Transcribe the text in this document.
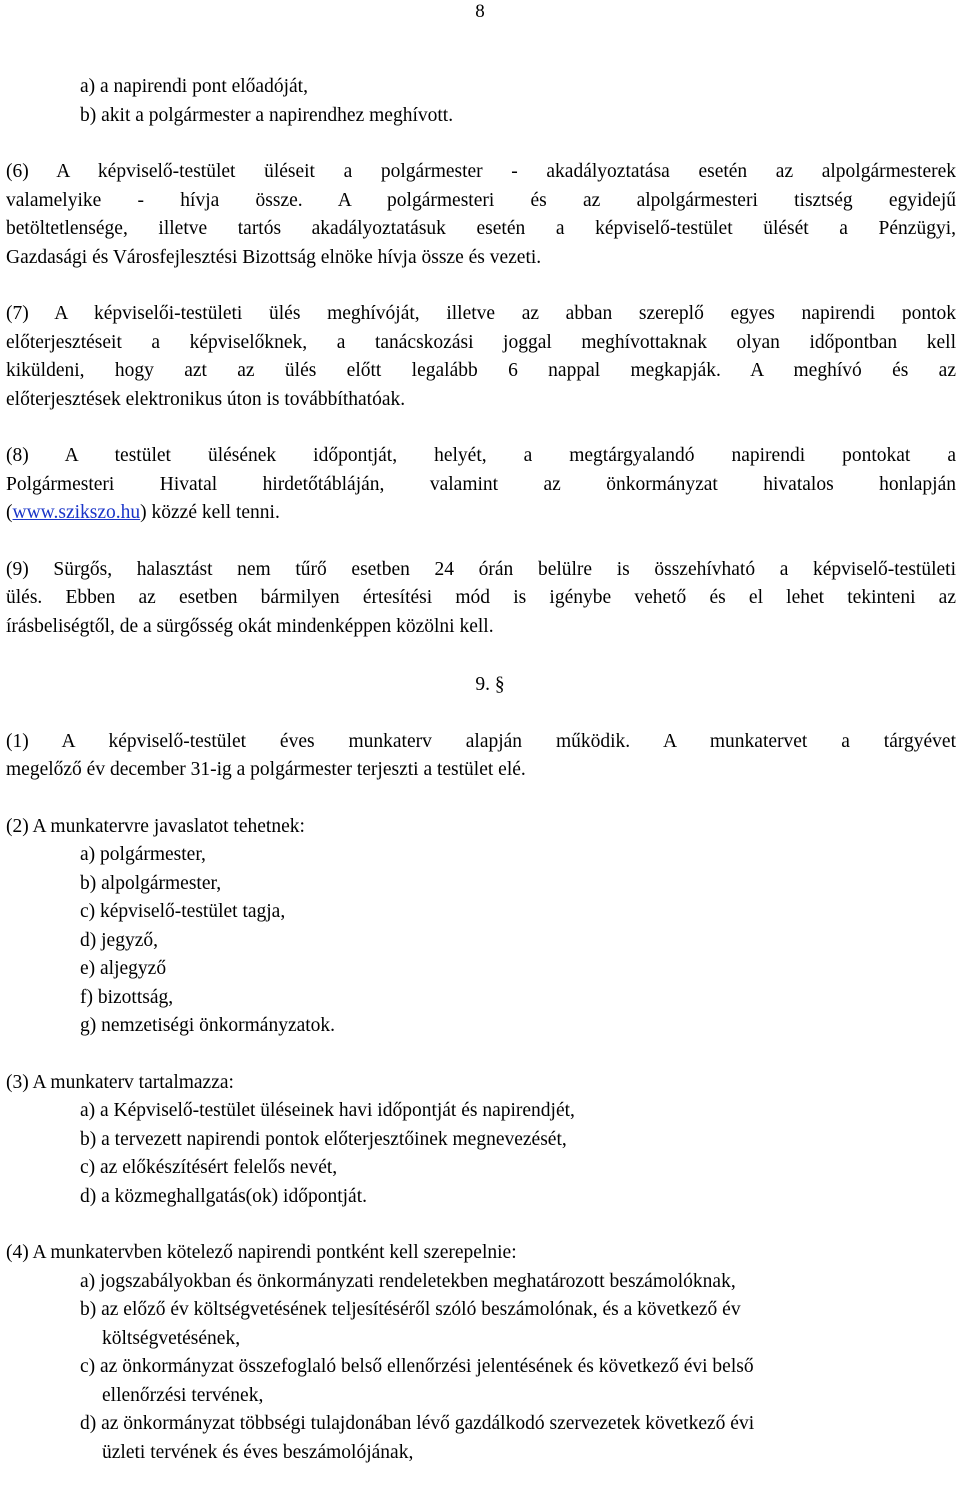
8

a) a napirendi pont előadóját,

b) akit a polgármester a napirendhez meghívott.

(6) A képviselő-testület üléseit a polgármester - akadályoztatása esetén az alpolgármesterek

valamelyike - hívja össze. A polgármesteri és az alpolgármesteri tisztség egyidejű

betöltetlensége, illetve tartós akadályoztatásuk esetén a képviselő-testület ülését a Pénzügyi,

Gazdasági és Városfejlesztési Bizottság elnöke hívja össze és vezeti.

(7) A képviselői-testületi ülés meghívóját, illetve az abban szereplő egyes napirendi pontok

előterjesztéseit a képviselőknek, a tanácskozási joggal meghívottaknak olyan időpontban kell

kiküldeni, hogy azt az ülés előtt legalább 6 nappal megkapják. A meghívó és az

előterjesztések elektronikus úton is továbbíthatóak.

(8) A testület ülésének időpontját, helyét, a megtárgyalandó napirendi pontokat a

Polgármesteri Hivatal hirdetőtábláján, valamint az önkormányzat hivatalos honlapján

(www.szikszo.hu) közzé kell tenni.

(9) Sürgős, halasztást nem tűrő esetben 24 órán belülre is összehívható a képviselő-testületi

ülés. Ebben az esetben bármilyen értesítési mód is igénybe vehető és el lehet tekinteni az

írásbeliségtől, de a sürgősség okát mindenképpen közölni kell.

9. §

(1) A képviselő-testület éves munkaterv alapján működik. A munkatervet a tárgyévet

megelőző év december 31-ig a polgármester terjeszti a testület elé.

(2) A munkatervre javaslatot tehetnek:

a) polgármester,

b) alpolgármester,

c) képviselő-testület tagja,

d) jegyző,

e) aljegyző

f) bizottság,

g) nemzetiségi önkormányzatok.

(3) A munkaterv tartalmazza:

a) a Képviselő-testület üléseinek havi időpontját és napirendjét,

b) a tervezett napirendi pontok előterjesztőinek megnevezését,

c) az előkészítésért felelős nevét,

d) a közmeghallgatás(ok) időpontját.

(4) A munkatervben kötelező napirendi pontként kell szerepelnie:

a) jogszabályokban és önkormányzati rendeletekben meghatározott beszámolóknak,

b) az előző év költségvetésének teljesítéséről szóló beszámolónak, és a következő év

költségvetésének,

c) az önkormányzat összefoglaló belső ellenőrzési jelentésének és következő évi belső

ellenőrzési tervének,

d) az önkormányzat többségi tulajdonában lévő gazdálkodó szervezetek következő évi

üzleti tervének és éves beszámolójának,
